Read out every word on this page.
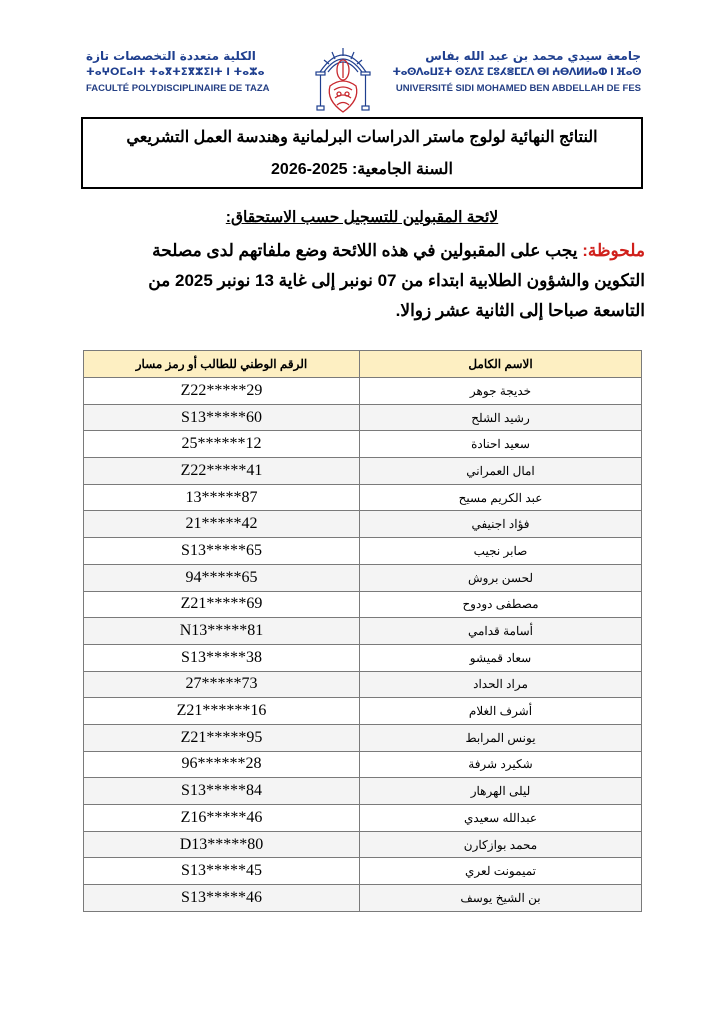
الكلية متعددة التخصصات تازة
ⵜⴰⵖⵔⵎⴰⵏⵜ ⵜⴰⴳⵜⵉⴳⵣⵉⵏⵜ ⵏ ⵜⴰⵣⴰ
FACULTÉ POLYDISCIPLINAIRE DE TAZA
جامعة سيدي محمد بن عبد الله بفاس
ⵜⴰⵙⴷⴰⵡⵉⵜ ⵙⵉⴷⵉ ⵎⵓⵃⴻⵎⵎⴷ ⴱⵏ ⵄⴱⴷⵍⵍⴰⵀ ⵏ ⴼⴰⵙ
UNIVERSITÉ SIDI MOHAMED BEN ABDELLAH DE FES
النتائج النهائية لولوج ماستر الدراسات البرلمانية وهندسة العمل التشريعي
السنة الجامعية: 2025-2026
لائحة المقبولين للتسجيل حسب الاستحقاق:
ملحوظة: يجب على المقبولين في هذه اللائحة وضع ملفاتهم لدى مصلحة التكوين والشؤون الطلابية ابتداء من 07 نونبر إلى غاية 13 نونبر 2025 من التاسعة صباحا إلى الثانية عشر زوالا.
الاسم الكامل	الرقم الوطني للطالب أو رمز مسار
خديجة جوهر	Z22*****29
رشيد الشلح	S13*****60
سعيد احنادة	25******12
امال العمراني	Z22*****41
عبد الكريم مسيح	13*****87
فؤاد اجنيفي	21*****42
صابر نجيب	S13*****65
لحسن بروش	94*****65
مصطفى دودوح	Z21*****69
أسامة قدامي	N13*****81
سعاد قميشو	S13*****38
مراد الحداد	27*****73
أشرف الغلام	Z21******16
يونس المرابط	Z21*****95
شكيرد شرفة	96******28
ليلى الهرهار	S13*****84
عبدالله سعيدي	Z16*****46
محمد بوازكارن	D13*****80
تميمونت لعري	S13*****45
بن الشيخ يوسف	S13*****46
